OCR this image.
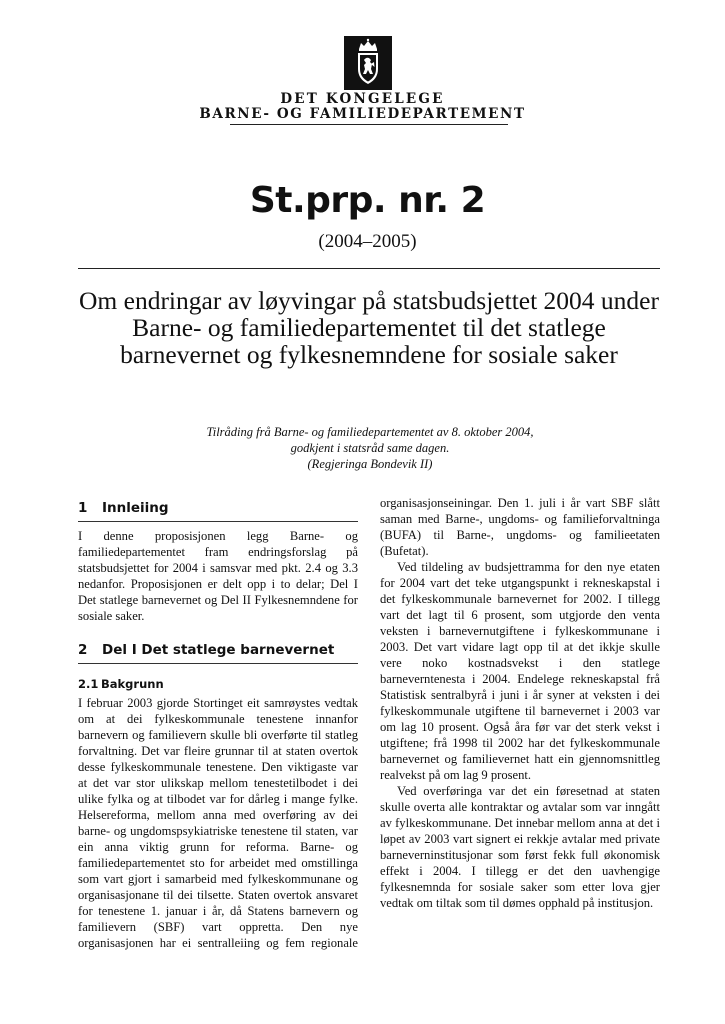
DET KONGELEGE
BARNE- OG FAMILIEDEPARTEMENT
St.prp. nr. 2
(2004–2005)
Om endringar av løyvingar på statsbudsjettet 2004 under Barne- og familiedepartementet til det statlege barnevernet og fylkesnemndene for sosiale saker
Tilråding frå Barne- og familiedepartementet av 8. oktober 2004,
godkjent i statsråd same dagen.
(Regjeringa Bondevik II)
1 Innleiing

I denne proposisjonen legg Barne- og familiedepartementet fram endringsforslag på statsbudsjettet for 2004 i samsvar med pkt. 2.4 og 3.3 nedanfor. Proposisjonen er delt opp i to delar; Del I Det statlege barnevernet og Del II Fylkesnemndene for sosiale saker.

2 Del I Det statlege barnevernet
2.1 Bakgrunn

I februar 2003 gjorde Stortinget eit samrøystes vedtak om at dei fylkeskommunale tenestene innanfor barnevern og familievern skulle bli overførte til statleg forvaltning. Det var fleire grunnar til at staten overtok desse fylkeskommunale tenestene. Den viktigaste var at det var stor ulikskap mellom tenestetilbodet i dei ulike fylka og at tilbodet var for dårleg i mange fylke. Helsereforma, mellom anna med overføring av dei barne- og ungdomspsykiatriske tenestene til staten, var ein anna viktig grunn for reforma. Barne- og familiedepartementet sto for arbeidet med omstillinga som vart gjort i samarbeid med fylkeskommunane og organisasjonane til dei tilsette. Staten overtok ansvaret for tenestene 1. januar i år, då Statens barnevern og familievern (SBF) vart oppretta. Den nye organisasjonen har ei sentralleiing og fem regionale

organisasjonseiningar. Den 1. juli i år vart SBF slått saman med Barne-, ungdoms- og familieforvaltninga (BUFA) til Barne-, ungdoms- og familieetaten (Bufetat).

Ved tildeling av budsjettramma for den nye etaten for 2004 vart det teke utgangspunkt i rekneskapstal i det fylkeskommunale barnevernet for 2002. I tillegg vart det lagt til 6 prosent, som utgjorde den venta veksten i barnevernutgiftene i fylkeskommunane i 2003. Det vart vidare lagt opp til at det ikkje skulle vere noko kostnadsvekst i den statlege barneverntenesta i 2004. Endelege rekneskapstal frå Statistisk sentralbyrå i juni i år syner at veksten i dei fylkeskommunale utgiftene til barnevernet i 2003 var om lag 10 prosent. Også åra før var det sterk vekst i utgiftene; frå 1998 til 2002 har det fylkeskommunale barnevernet og familievernet hatt ein gjennomsnittleg realvekst på om lag 9 prosent.

Ved overføringa var det ein føresetnad at staten skulle overta alle kontraktar og avtalar som var inngått av fylkeskommunane. Det innebar mellom anna at det i løpet av 2003 vart signert ei rekkje avtalar med private barneverninstitusjonar som først fekk full økonomisk effekt i 2004. I tillegg er det den uavhengige fylkesnemnda for sosiale saker som etter lova gjer vedtak om tiltak som til dømes opphald på institusjon.
